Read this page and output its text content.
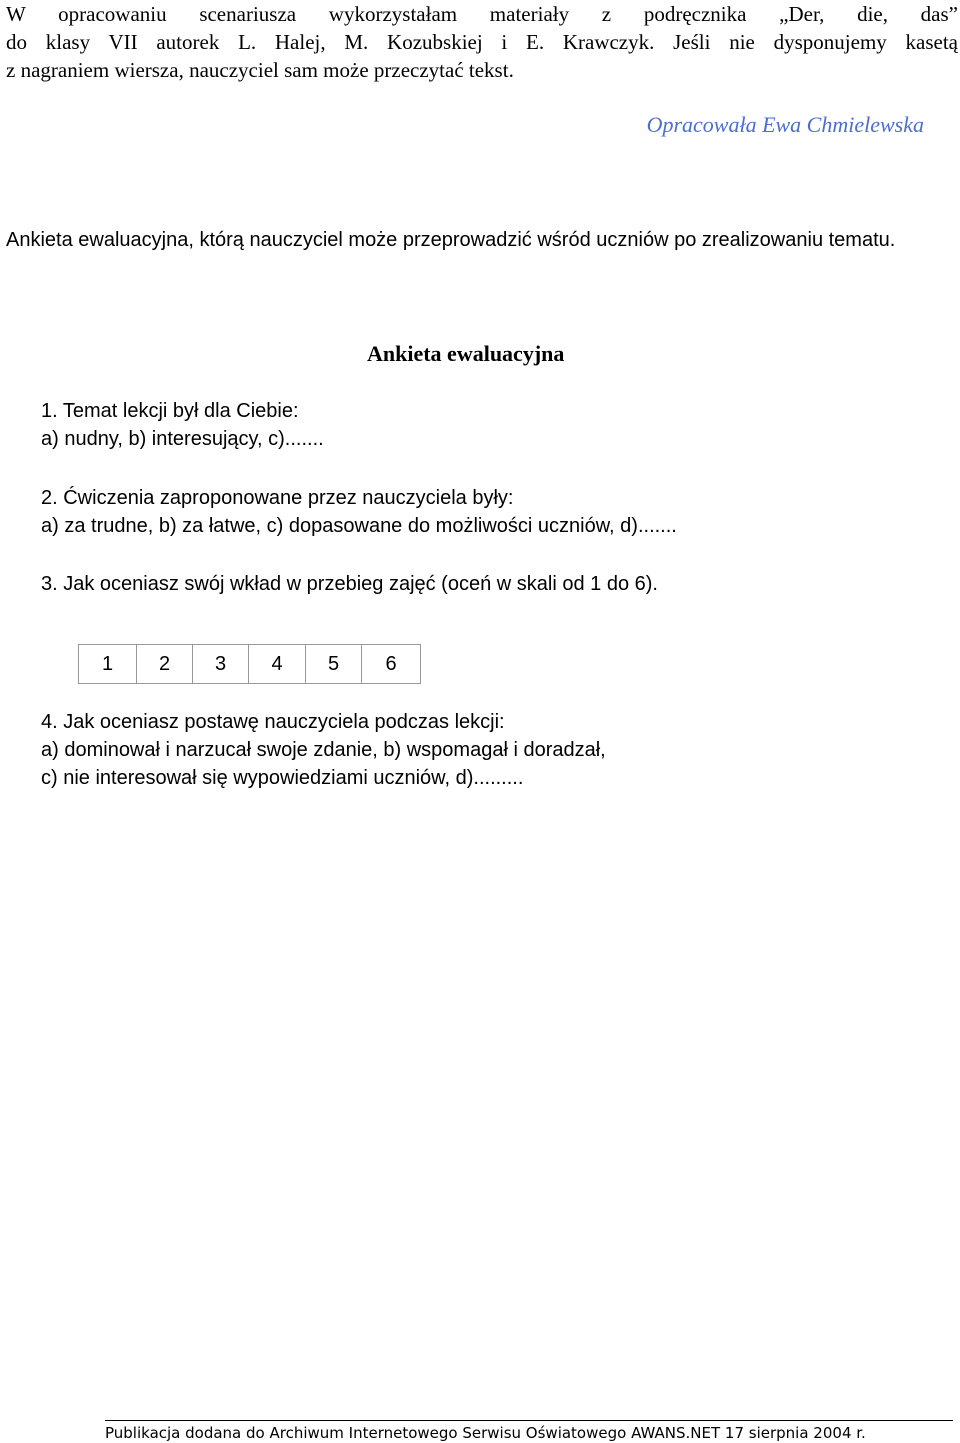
W opracowaniu scenariusza wykorzystałam materiały z podręcznika „Der, die, das”
do klasy VII autorek L. Halej, M. Kozubskiej i E. Krawczyk. Jeśli nie dysponujemy kasetą
z nagraniem wiersza, nauczyciel sam może przeczytać tekst.
Opracowała Ewa Chmielewska
Ankieta ewaluacyjna, którą nauczyciel może przeprowadzić wśród uczniów po zrealizowaniu tematu.
Ankieta ewaluacyjna
1. Temat lekcji był dla Ciebie:
a) nudny, b) interesujący, c).......
2. Ćwiczenia zaproponowane przez nauczyciela były:
a) za trudne, b) za łatwe, c) dopasowane do możliwości uczniów, d).......
3. Jak oceniasz swój wkład w przebieg zajęć (oceń w skali od 1 do 6).
1	2	3	4	5	6
4. Jak oceniasz postawę nauczyciela podczas lekcji:
a) dominował i narzucał swoje zdanie, b) wspomagał i doradzał,
c) nie interesował się wypowiedziami uczniów, d).........
Publikacja dodana do Archiwum Internetowego Serwisu Oświatowego AWANS.NET 17 sierpnia 2004 r.
